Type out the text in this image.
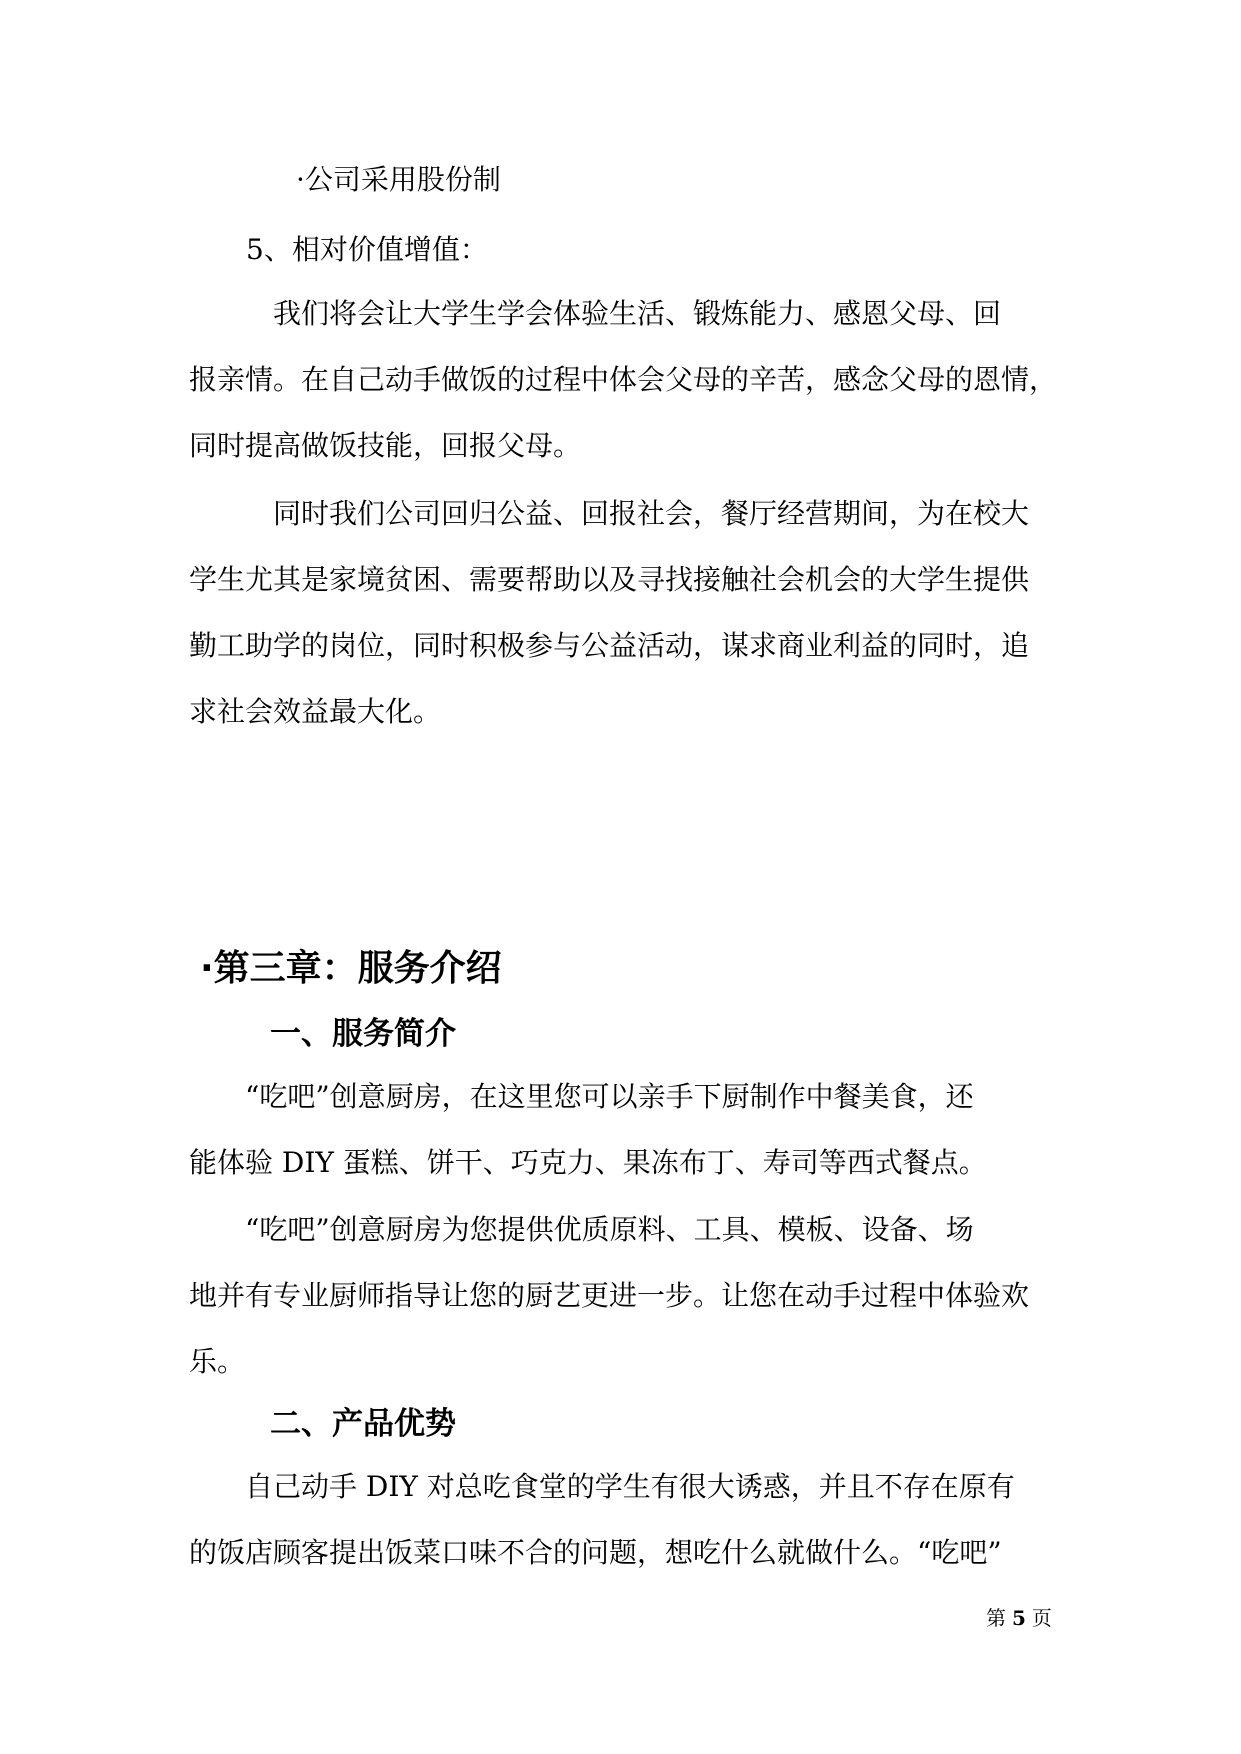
·公司采用股份制

5、相对价值增值：

　　　我们将会让大学生学会体验生活、锻炼能力、感恩父母、回
报亲情。在自己动手做饭的过程中体会父母的辛苦，感念父母的恩情，
同时提高做饭技能，回报父母。
　　　同时我们公司回归公益、回报社会，餐厅经营期间，为在校大
学生尤其是家境贫困、需要帮助以及寻找接触社会机会的大学生提供
勤工助学的岗位，同时积极参与公益活动，谋求商业利益的同时，追
求社会效益最大化。
·第三章：服务介绍
一、服务简介
　　“吃吧”创意厨房，在这里您可以亲手下厨制作中餐美食，还
能体验 DIY 蛋糕、饼干、巧克力、果冻布丁、寿司等西式餐点。
　　“吃吧”创意厨房为您提供优质原料、工具、模板、设备、场
地并有专业厨师指导让您的厨艺更进一步。让您在动手过程中体验欢
乐。
二、产品优势
　　自己动手 DIY 对总吃食堂的学生有很大诱惑，并且不存在原有
的饭店顾客提出饭菜口味不合的问题，想吃什么就做什么。“吃吧”
第 5 页
